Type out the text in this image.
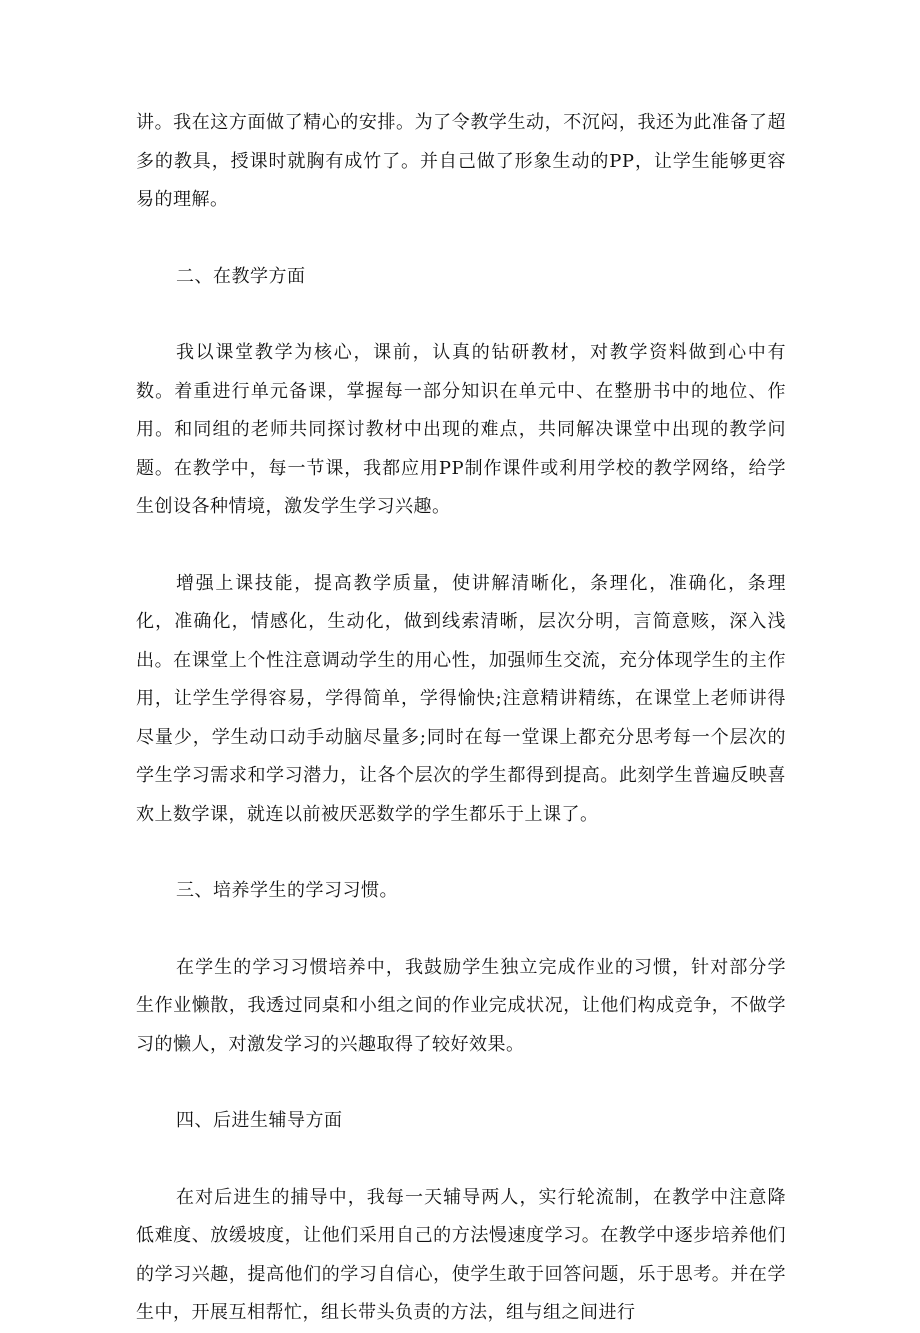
讲。我在这方面做了精心的安排。为了令教学生动，不沉闷，我还为此准备了超多的教具，授课时就胸有成竹了。并自己做了形象生动的PP，让学生能够更容易的理解。

二、在教学方面

我以课堂教学为核心，课前，认真的钻研教材，对教学资料做到心中有数。着重进行单元备课，掌握每一部分知识在单元中、在整册书中的地位、作用。和同组的老师共同探讨教材中出现的难点，共同解决课堂中出现的教学问题。在教学中，每一节课，我都应用PP制作课件或利用学校的教学网络，给学生创设各种情境，激发学生学习兴趣。

增强上课技能，提高教学质量，使讲解清晰化，条理化，准确化，条理化，准确化，情感化，生动化，做到线索清晰，层次分明，言简意赅，深入浅出。在课堂上个性注意调动学生的用心性，加强师生交流，充分体现学生的主作用，让学生学得容易，学得简单，学得愉快;注意精讲精练，在课堂上老师讲得尽量少，学生动口动手动脑尽量多;同时在每一堂课上都充分思考每一个层次的学生学习需求和学习潜力，让各个层次的学生都得到提高。此刻学生普遍反映喜欢上数学课，就连以前被厌恶数学的学生都乐于上课了。

三、培养学生的学习习惯。

在学生的学习习惯培养中，我鼓励学生独立完成作业的习惯，针对部分学生作业懒散，我透过同桌和小组之间的作业完成状况，让他们构成竞争，不做学习的懒人，对激发学习的兴趣取得了较好效果。

四、后进生辅导方面

在对后进生的捕导中，我每一天辅导两人，实行轮流制，在教学中注意降低难度、放缓坡度，让他们采用自己的方法慢速度学习。在教学中逐步培养他们的学习兴趣，提高他们的学习自信心，使学生敢于回答问题，乐于思考。并在学生中，开展互相帮忙，组长带头负责的方法，组与组之间进行
